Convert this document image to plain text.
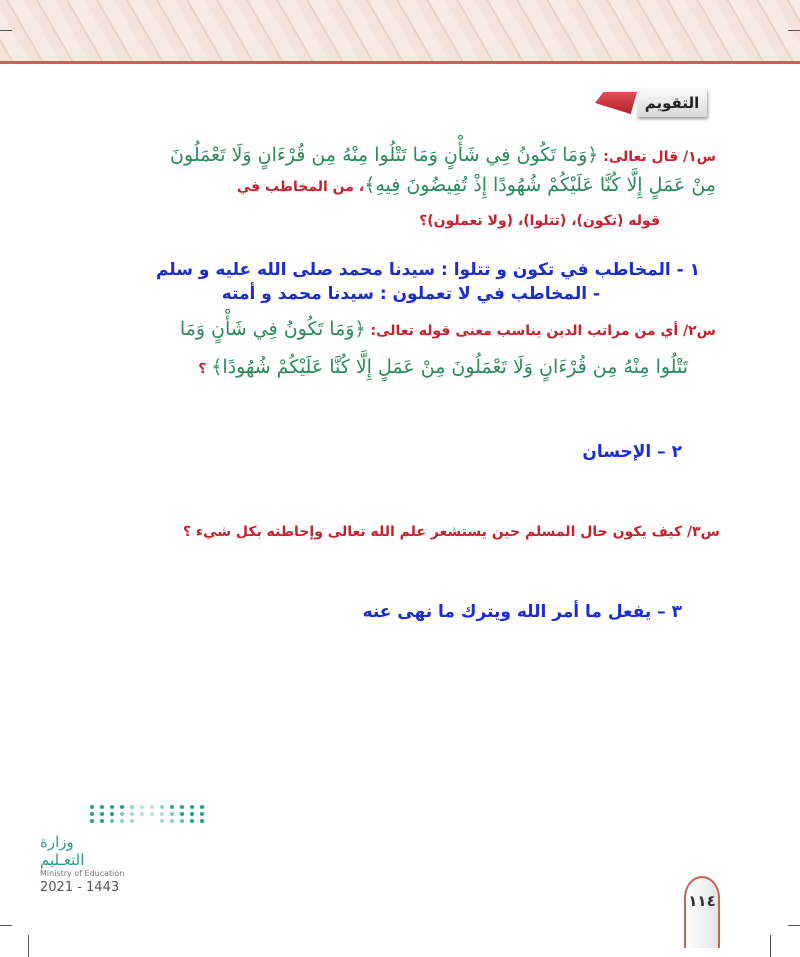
التقويم
س١/ قال تعالى: ﴿وَمَا تَكُونُ فِي شَأْنٍ وَمَا تَتْلُوا مِنْهُ مِن قُرْءَانٍ وَلَا تَعْمَلُونَ
مِنْ عَمَلٍ إِلَّا كُنَّا عَلَيْكُمْ شُهُودًا إِذْ تُفِيضُونَ فِيهِ﴾، من المخاطب في
قوله (تكون)، (تتلوا)، (ولا تعملون)؟
١ - المخاطب في تكون و تتلوا : سيدنا محمد صلى الله عليه و سلم
- المخاطب في لا تعملون : سيدنا محمد و أمته
س٢/ أي من مراتب الدين يناسب معنى قوله تعالى: ﴿وَمَا تَكُونُ فِي شَأْنٍ وَمَا
تَتْلُوا مِنْهُ مِن قُرْءَانٍ وَلَا تَعْمَلُونَ مِنْ عَمَلٍ إِلَّا كُنَّا عَلَيْكُمْ شُهُودًا﴾ ؟
٢ – الإحسان
س٣/ كيف يكون حال المسلم حين يستشعر علم الله تعالى وإحاطته بكل شيء ؟
٣ – يفعل ما أمر الله ويترك ما نهى عنه
وزارة التعـليم
Ministry of Education
2021 - 1443
١١٤
